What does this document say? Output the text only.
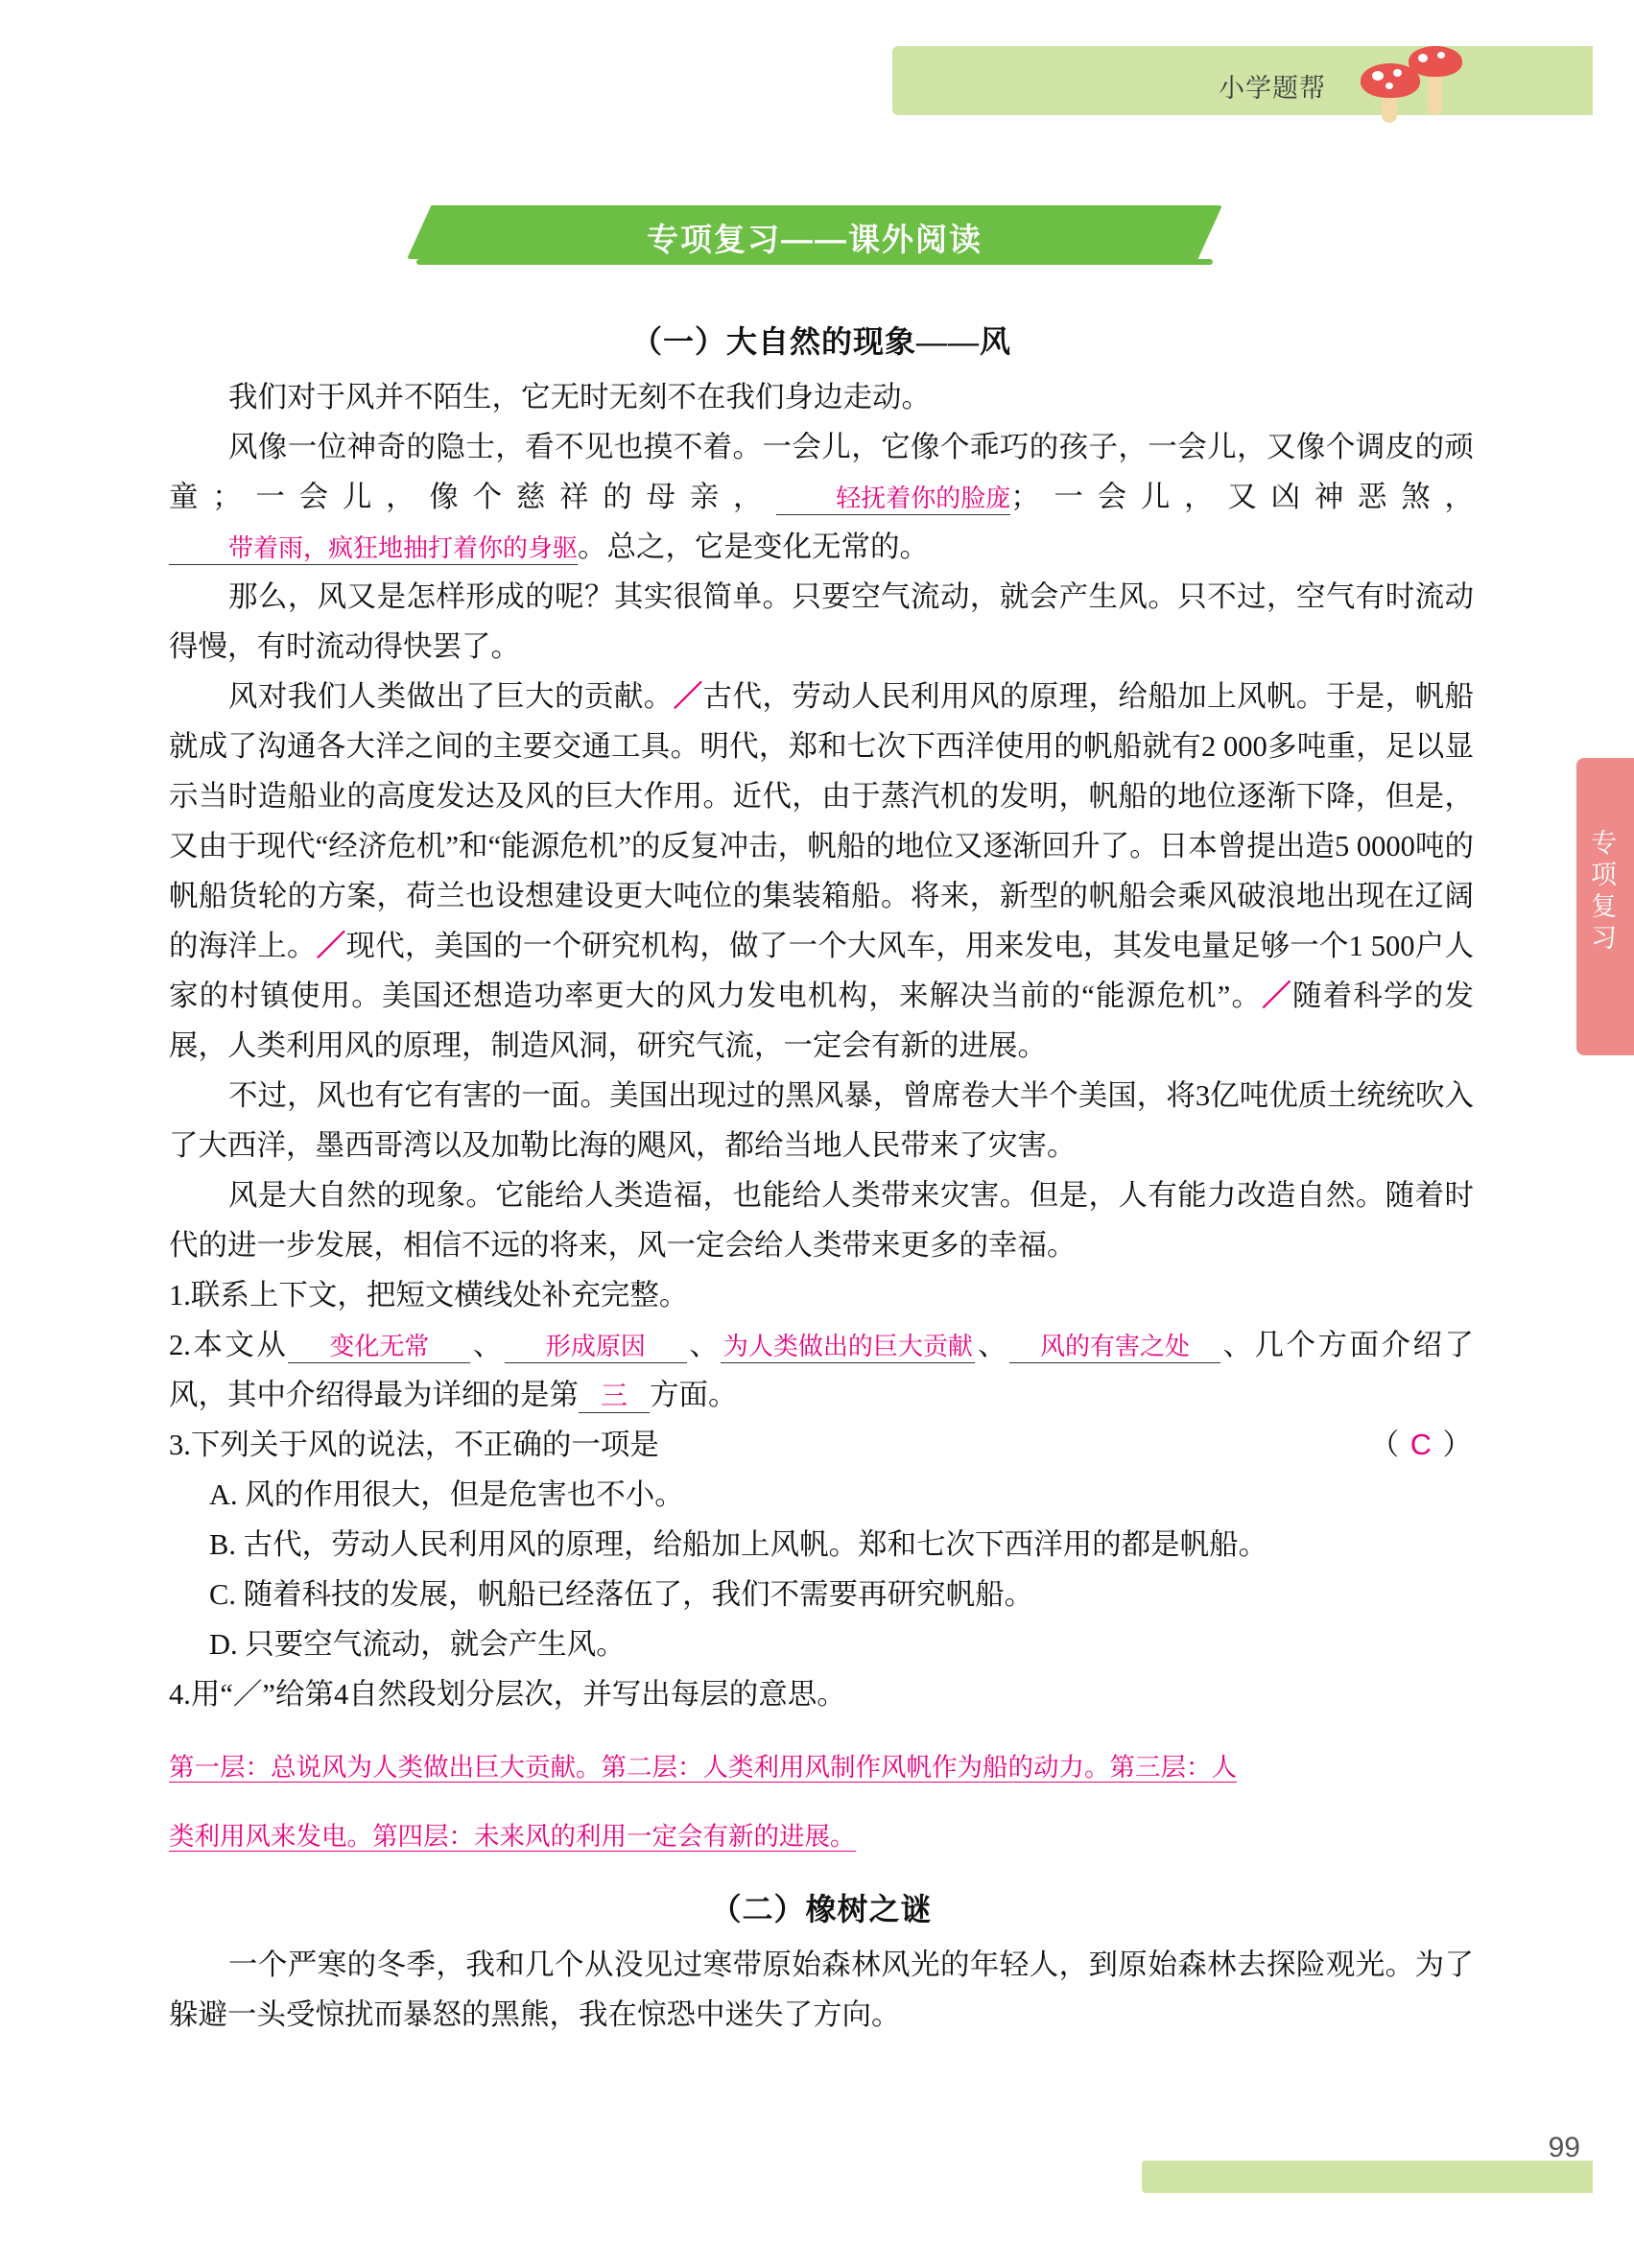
小学题帮
专项复习——课外阅读
专项复习
（一）大自然的现象——风

我们对于风并不陌生，它无时无刻不在我们身边走动。

风像一位神奇的隐士，看不见也摸不着。一会儿，它像个乖巧的孩子，一会儿，又像个调皮的顽童；一会儿，像个慈祥的母亲， 轻抚着你的脸庞；一会儿，又凶神恶煞，带着雨，疯狂地抽打着你的身驱。总之，它是变化无常的。

那么，风又是怎样形成的呢？其实很简单。只要空气流动，就会产生风。只不过，空气有时流动得慢，有时流动得快罢了。

风对我们人类做出了巨大的贡献。／古代，劳动人民利用风的原理，给船加上风帆。于是，帆船就成了沟通各大洋之间的主要交通工具。明代，郑和七次下西洋使用的帆船就有2 000多吨重，足以显示当时造船业的高度发达及风的巨大作用。近代，由于蒸汽机的发明，帆船的地位逐渐下降，但是，又由于现代“经济危机”和“能源危机”的反复冲击，帆船的地位又逐渐回升了。日本曾提出造5 0000吨的帆船货轮的方案，荷兰也设想建设更大吨位的集装箱船。将来，新型的帆船会乘风破浪地出现在辽阔的海洋上。／现代，美国的一个研究机构，做了一个大风车，用来发电，其发电量足够一个1 500户人家的村镇使用。美国还想造功率更大的风力发电机构，来解决当前的“能源危机”。／随着科学的发展，人类利用风的原理，制造风洞，研究气流，一定会有新的进展。

不过，风也有它有害的一面。美国出现过的黑风暴，曾席卷大半个美国，将3亿吨优质土统统吹入了大西洋，墨西哥湾以及加勒比海的飓风，都给当地人民带来了灾害。

风是大自然的现象。它能给人类造福，也能给人类带来灾害。但是，人有能力改造自然。随着时代的进一步发展，相信不远的将来，风一定会给人类带来更多的幸福。

1.联系上下文，把短文横线处补充完整。

2.本文从 变化无常 、 形成原因 、为人类做出的巨大贡献、 风的有害之处 、几个方面介绍了风，其中介绍得最为详细的是第 三 方面。

（ C ）
3.下列关于风的说法，不正确的一项是

A. 风的作用很大，但是危害也不小。

B. 古代，劳动人民利用风的原理，给船加上风帆。郑和七次下西洋用的都是帆船。

C. 随着科技的发展，帆船已经落伍了，我们不需要再研究帆船。

D. 只要空气流动，就会产生风。

4.用“／”给第4自然段划分层次，并写出每层的意思。

第一层：总说风为人类做出巨大贡献。第二层：人类利用风制作风帆作为船的动力。第三层：人

类利用风来发电。第四层：未来风的利用一定会有新的进展。

（二）橡树之谜

一个严寒的冬季，我和几个从没见过寒带原始森林风光的年轻人，到原始森林去探险观光。为了躲避一头受惊扰而暴怒的黑熊，我在惊恐中迷失了方向。

99
